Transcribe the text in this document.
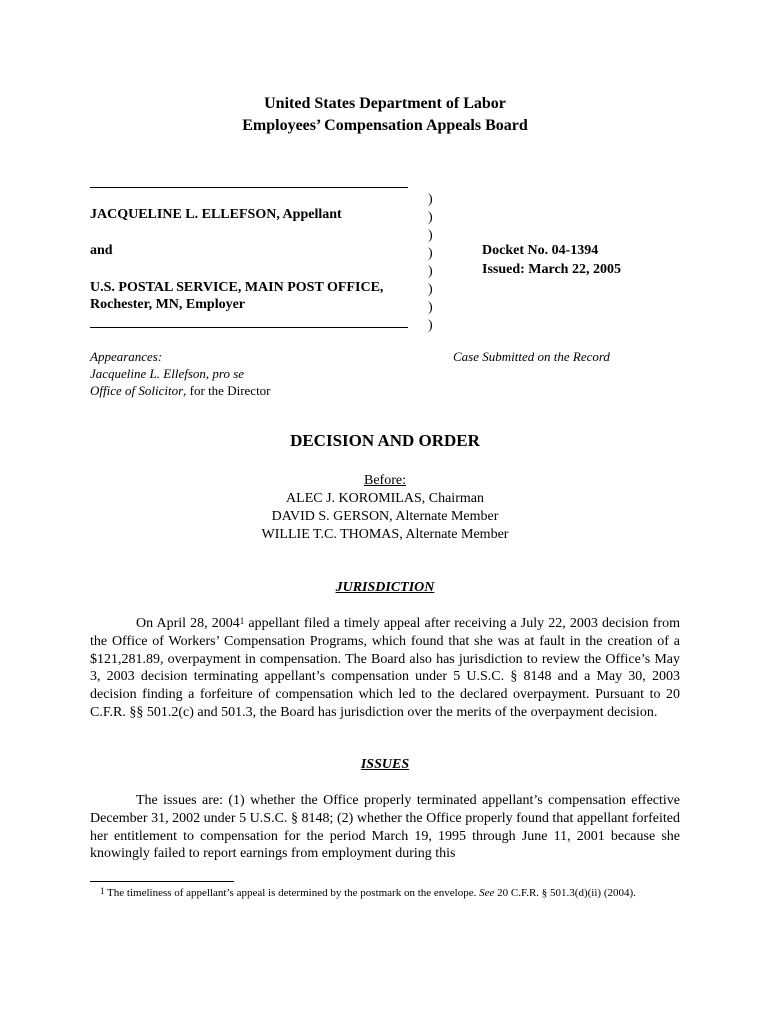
United States Department of Labor
Employees’ Compensation Appeals Board
JACQUELINE L. ELLEFSON, Appellant
and
U.S. POSTAL SERVICE, MAIN POST OFFICE,
Rochester, MN, Employer
)
)
)
)
)
)
)
)
Docket No. 04-1394
Issued: March 22, 2005
Appearances:
Jacqueline L. Ellefson, pro se
Office of Solicitor, for the Director
Case Submitted on the Record
DECISION AND ORDER
Before:
ALEC J. KOROMILAS, Chairman
DAVID S. GERSON, Alternate Member
WILLIE T.C. THOMAS, Alternate Member
JURISDICTION

On April 28, 2004$^1$ appellant filed a timely appeal after receiving a July 22, 2003 decision from the Office of Workers’ Compensation Programs, which found that she was at fault in the creation of a $121,281.89, overpayment in compensation. The Board also has jurisdiction to review the Office’s May 3, 2003 decision terminating appellant’s compensation under 5 U.S.C. § 8148 and a May 30, 2003 decision finding a forfeiture of compensation which led to the declared overpayment. Pursuant to 20 C.F.R. §§ 501.2(c) and 501.3, the Board has jurisdiction over the merits of the overpayment decision.

ISSUES

The issues are: (1) whether the Office properly terminated appellant’s compensation effective December 31, 2002 under 5 U.S.C. § 8148; (2) whether the Office properly found that appellant forfeited her entitlement to compensation for the period March 19, 1995 through June 11, 2001 because she knowingly failed to report earnings from employment during this

$^1$ The timeliness of appellant’s appeal is determined by the postmark on the envelope. See 20 C.F.R. § 501.3(d)(ii) (2004).
